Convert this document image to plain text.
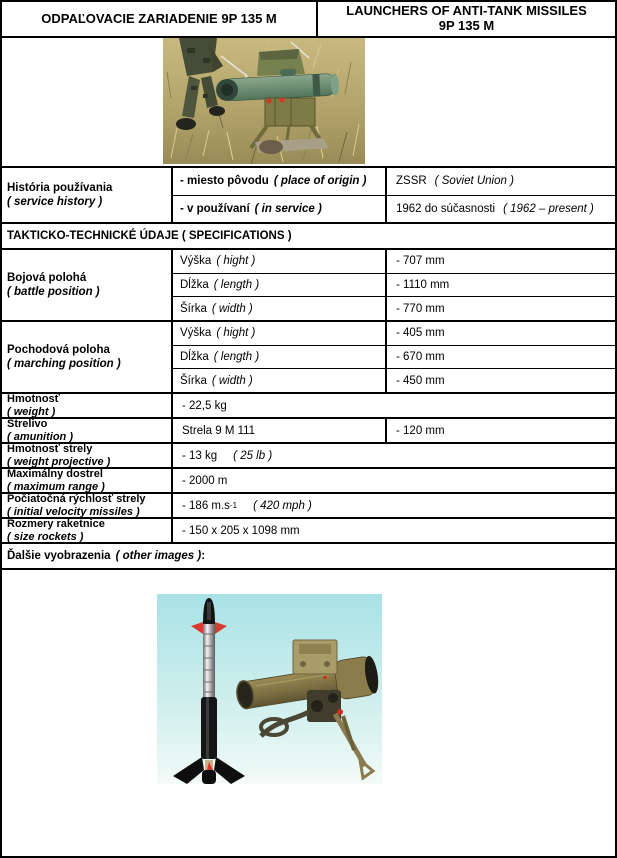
ODPAĽOVACIE ZARIADENIE 9P 135 M	LAUNCHERS OF ANTI-TANK MISSILES 9P 135 M
História používania
( service history )
- miesto pôvodu ( place of origin )	ZSSR ( Soviet Union )
- v používaní ( in service )	1962 do súčasnosti ( 1962 – present )
TAKTICKO-TECHNICKÉ ÚDAJE ( SPECIFICATIONS )
Bojová polohá
( battle position )
Výška ( hight )	- 707 mm
Dĺžka ( length )	- 1110 mm
Šírka ( width )	- 770 mm
Pochodová poloha
( marching position )
Výška ( hight )	- 405 mm
Dĺžka ( length )	- 670 mm
Šírka ( width )	- 450 mm
Hmotnosť
( weight )	- 22,5 kg
Strelivo
( amunition )	Strela 9 M 111	- 120 mm
Hmotnosť strely
( weight projective )	- 13 kg ( 25 lb )
Maximálny dostrel
( maximum range )	- 2000 m
Počiatočná rýchlosť strely
( initial velocity missiles )	- 186 m.s -1 ( 420 mph )
Rozmery raketnice
( size rockets )	- 150 x 205 x 1098 mm
Ďalšie vyobrazenia ( other images ) :
